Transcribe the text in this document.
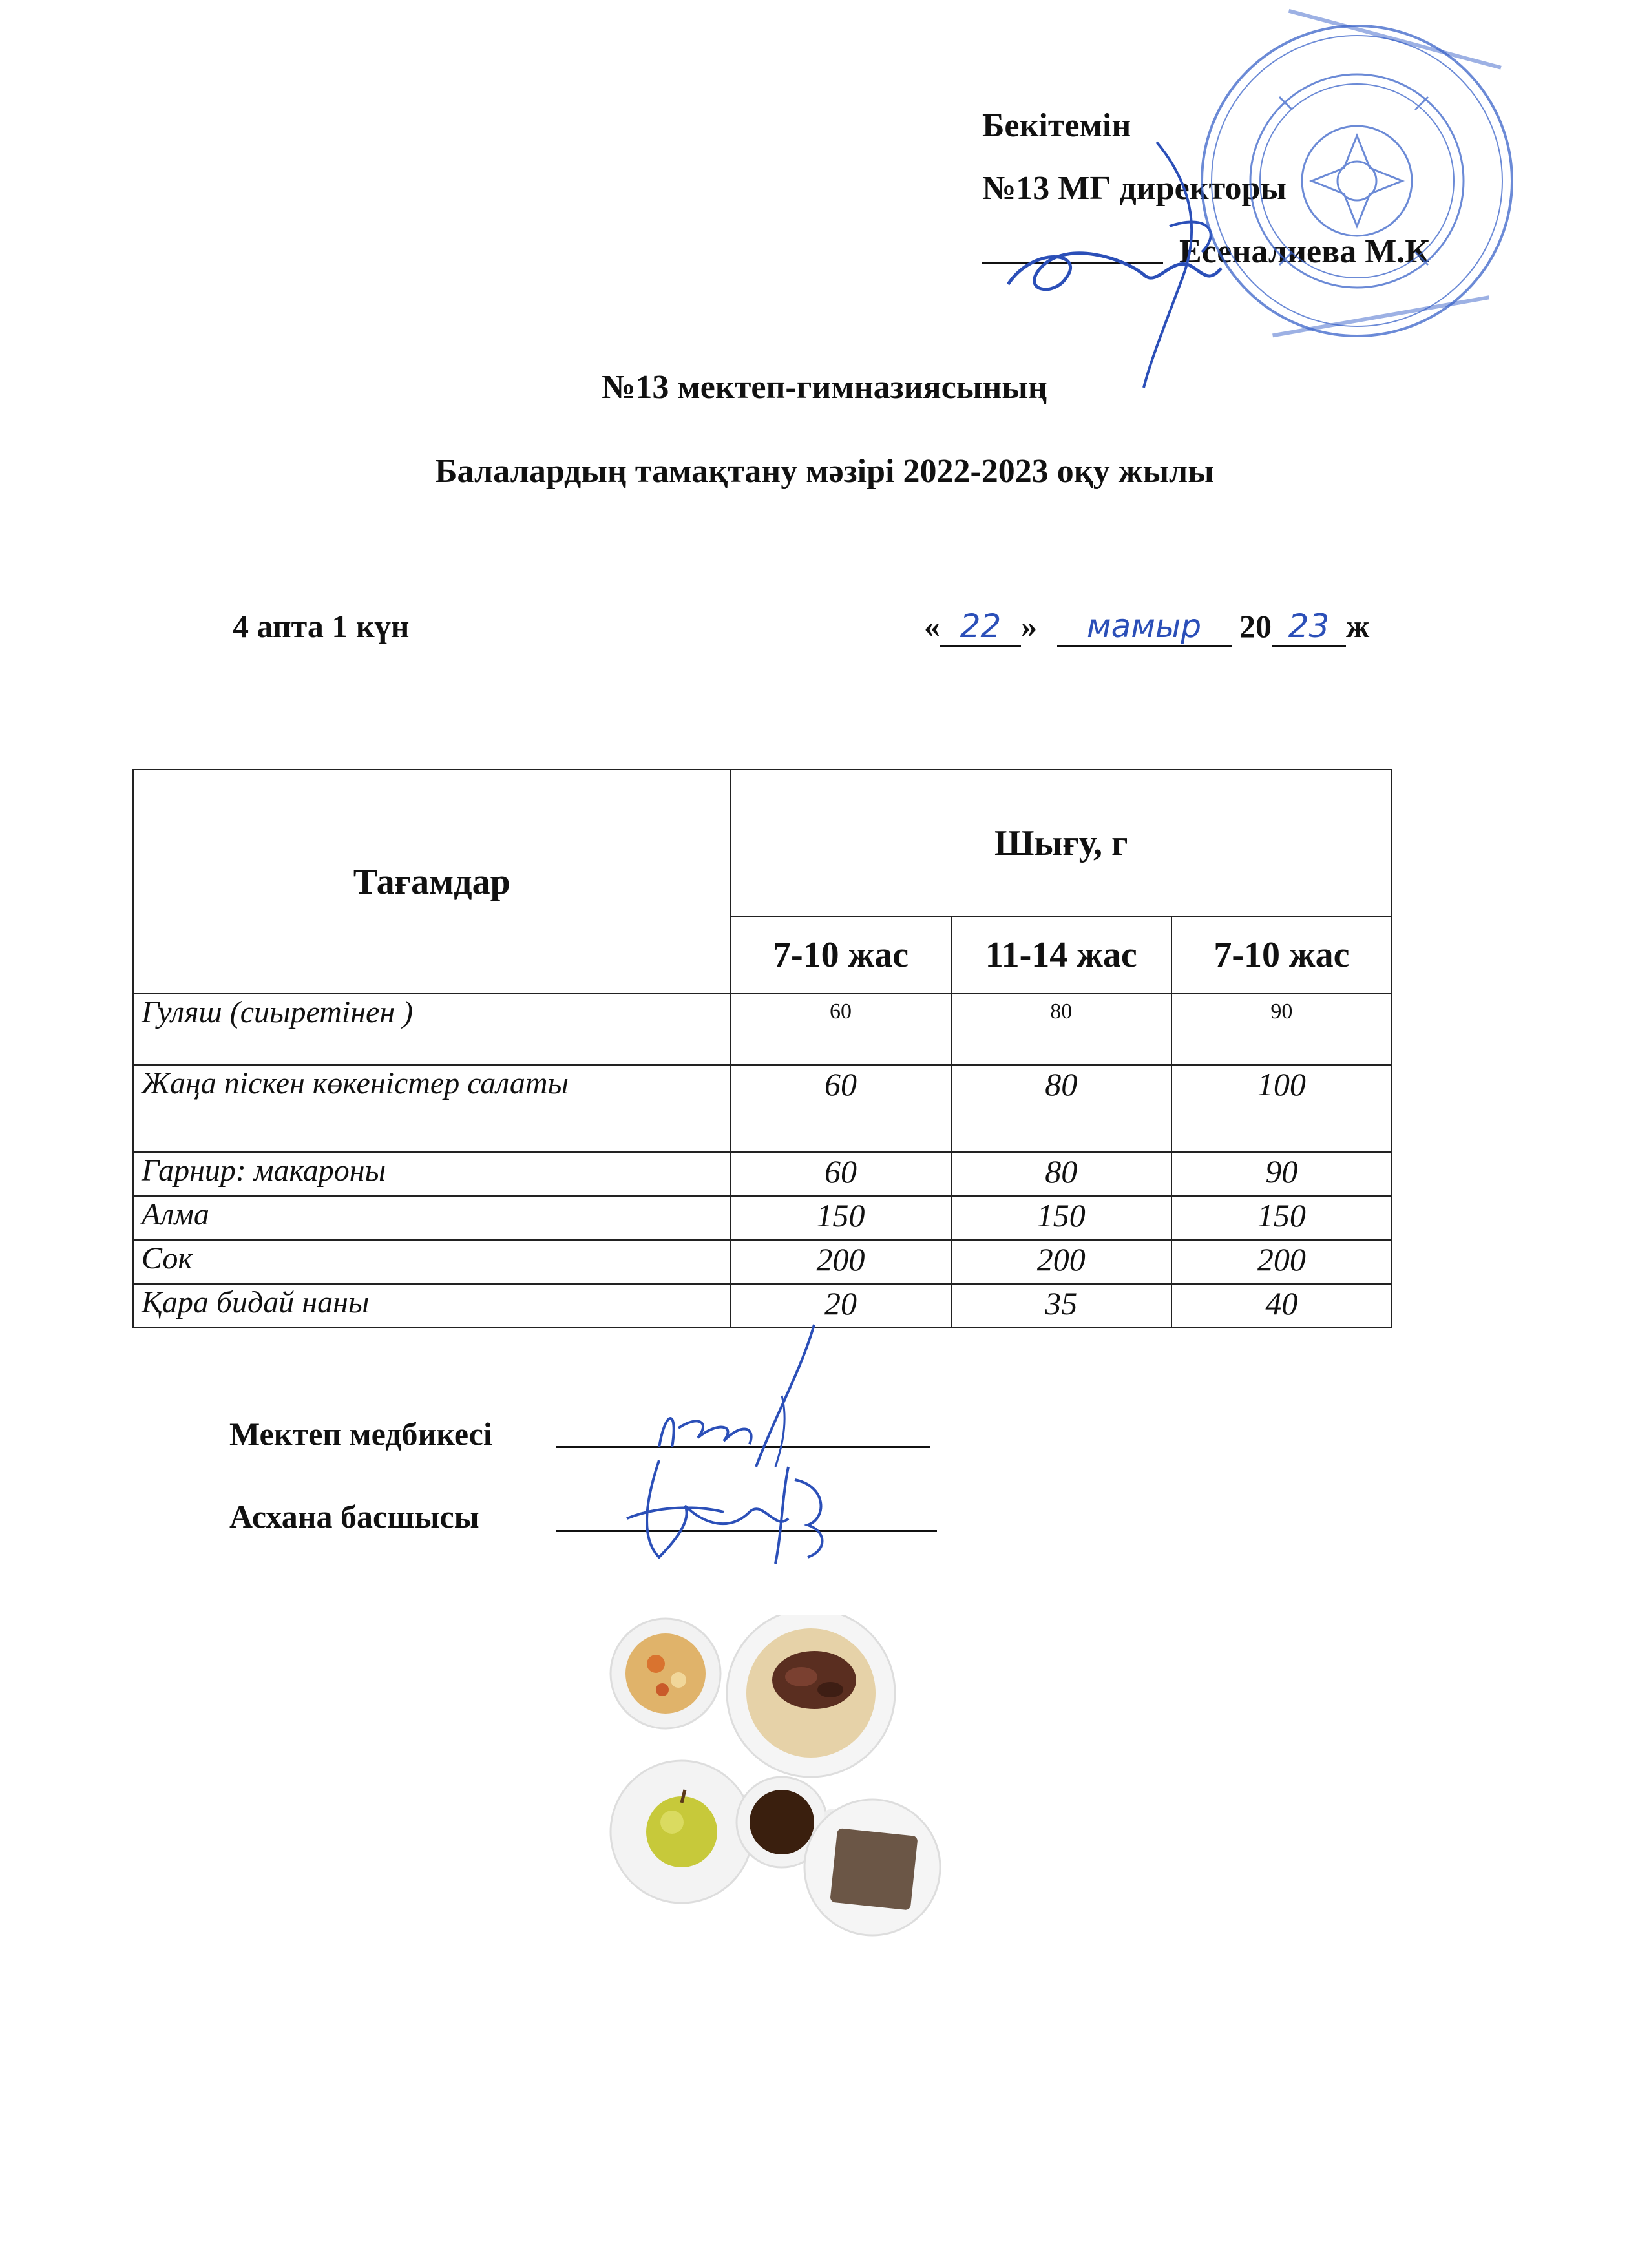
Бекітемін
№13 МГ директоры
Есеналиева М.К
№13 мектеп-гимназиясының
Балалардың тамақтану мәзірі 2022-2023 оқу жылы
4 апта 1 күн	« 22 » мамыр 20 23 ж
Тағамдар	Шығу, г		
	7-10 жас	11-14 жас	7-10 жас
Гуляш (сиыретінен )	60	80	90
Жаңа піскен көкеністер салаты	60	80	100
Гарнир: макароны	60	80	90
Алма	150	150	150
Сок	200	200	200
Қара бидай наны	20	35	40
Мектеп медбикесі
Асхана басшысы
